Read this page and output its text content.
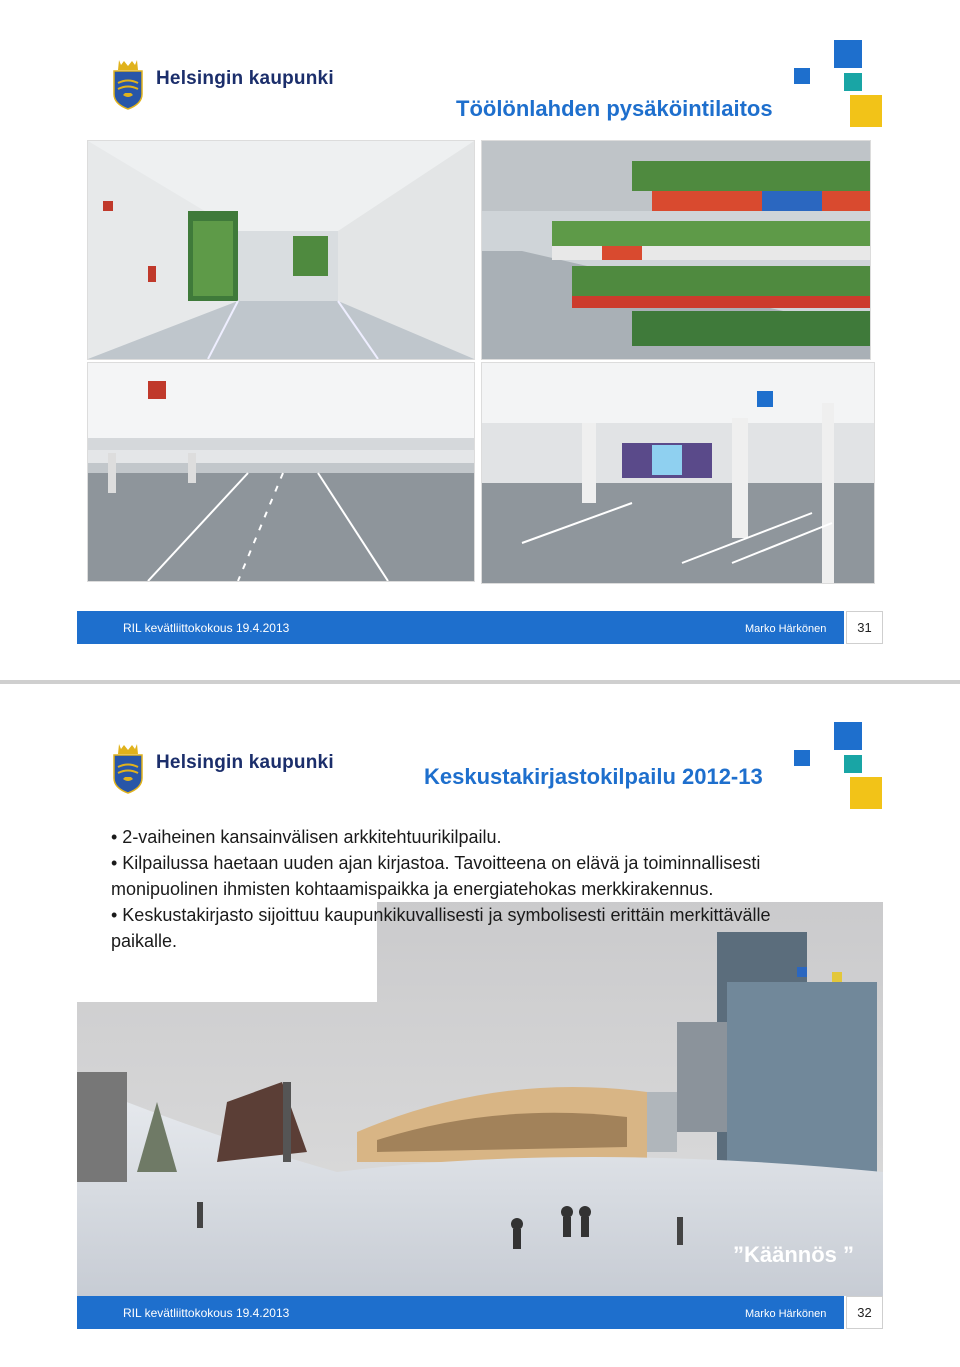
Helsingin kaupunki
Töölönlahden pysäköintilaitos
RIL kevätliittokokous 19.4.2013	Marko Härkönen	31
Helsingin kaupunki
Keskustakirjastokilpailu 2012-13
• 2-vaiheinen kansainvälisen arkkitehtuurikilpailu.
• Kilpailussa haetaan uuden ajan kirjastoa. Tavoitteena on elävä ja toiminnallisesti
monipuolinen ihmisten kohtaamispaikka ja energiatehokas merkkirakennus.
• Keskustakirjasto sijoittuu kaupunkikuvallisesti ja symbolisesti erittäin merkittävälle
paikalle.
”Käännös ”
RIL kevätliittokokous 19.4.2013	Marko Härkönen	32
